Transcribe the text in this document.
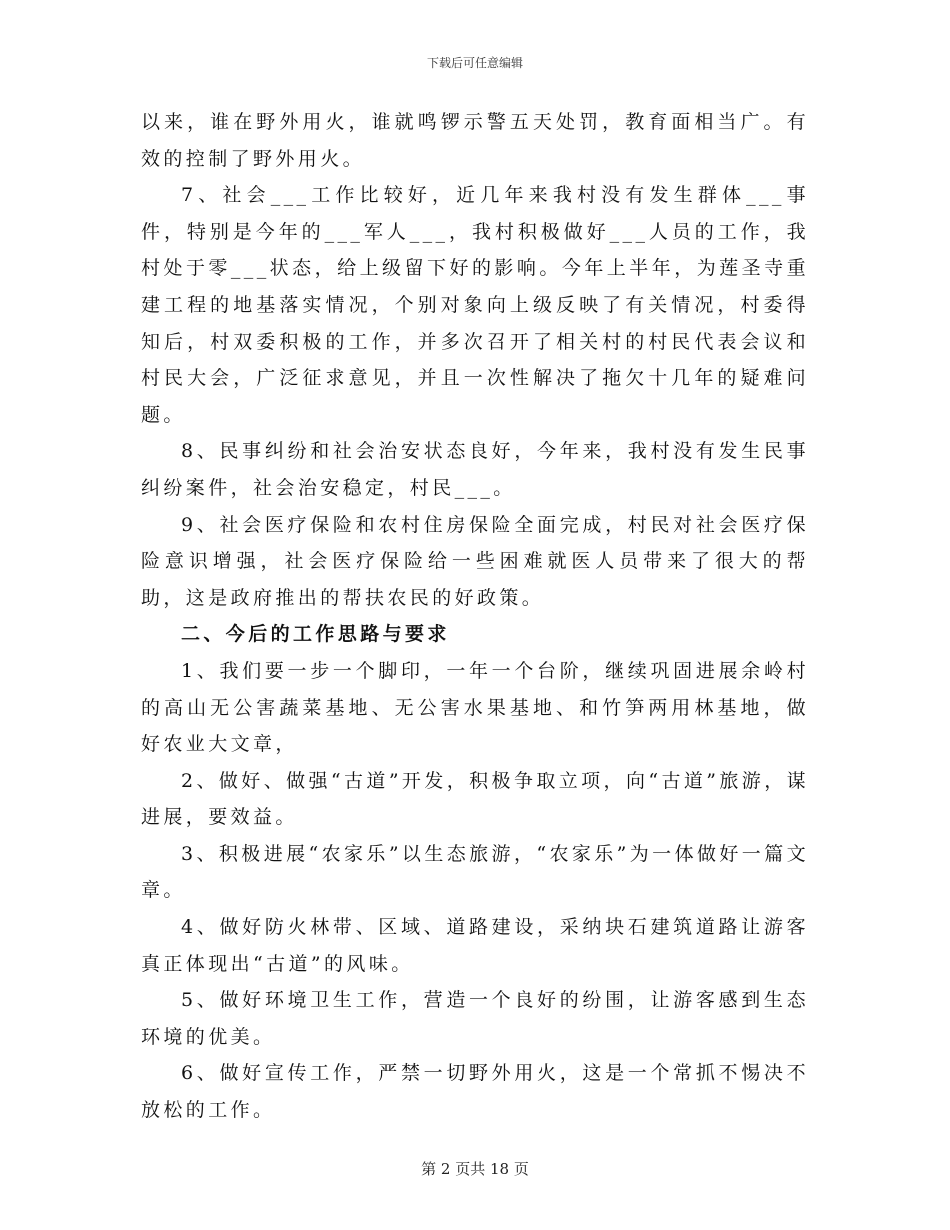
下载后可任意编辑

以来，谁在野外用火，谁就鸣锣示警五天处罚，教育面相当广。有效的控制了野外用火。

7、社会___工作比较好，近几年来我村没有发生群体___事件，特别是今年的___军人___，我村积极做好___人员的工作，我村处于零___状态，给上级留下好的影响。今年上半年，为莲圣寺重建工程的地基落实情况，个别对象向上级反映了有关情况，村委得知后，村双委积极的工作，并多次召开了相关村的村民代表会议和村民大会，广泛征求意见，并且一次性解决了拖欠十几年的疑难问题。

8、民事纠纷和社会治安状态良好，今年来，我村没有发生民事纠纷案件，社会治安稳定，村民___。

9、社会医疗保险和农村住房保险全面完成，村民对社会医疗保险意识增强，社会医疗保险给一些困难就医人员带来了很大的帮助，这是政府推出的帮扶农民的好政策。

二、今后的工作思路与要求

1、我们要一步一个脚印，一年一个台阶，继续巩固进展余岭村的高山无公害蔬菜基地、无公害水果基地、和竹笋两用林基地，做好农业大文章，

2、做好、做强“古道”开发，积极争取立项，向“古道”旅游，谋进展，要效益。

3、积极进展“农家乐”以生态旅游，“农家乐”为一体做好一篇文章。

4、做好防火林带、区域、道路建设，采纳块石建筑道路让游客真正体现出“古道”的风味。

5、做好环境卫生工作，营造一个良好的纷围，让游客感到生态环境的优美。

6、做好宣传工作，严禁一切野外用火，这是一个常抓不惕决不放松的工作。

第 2 页共 18 页
